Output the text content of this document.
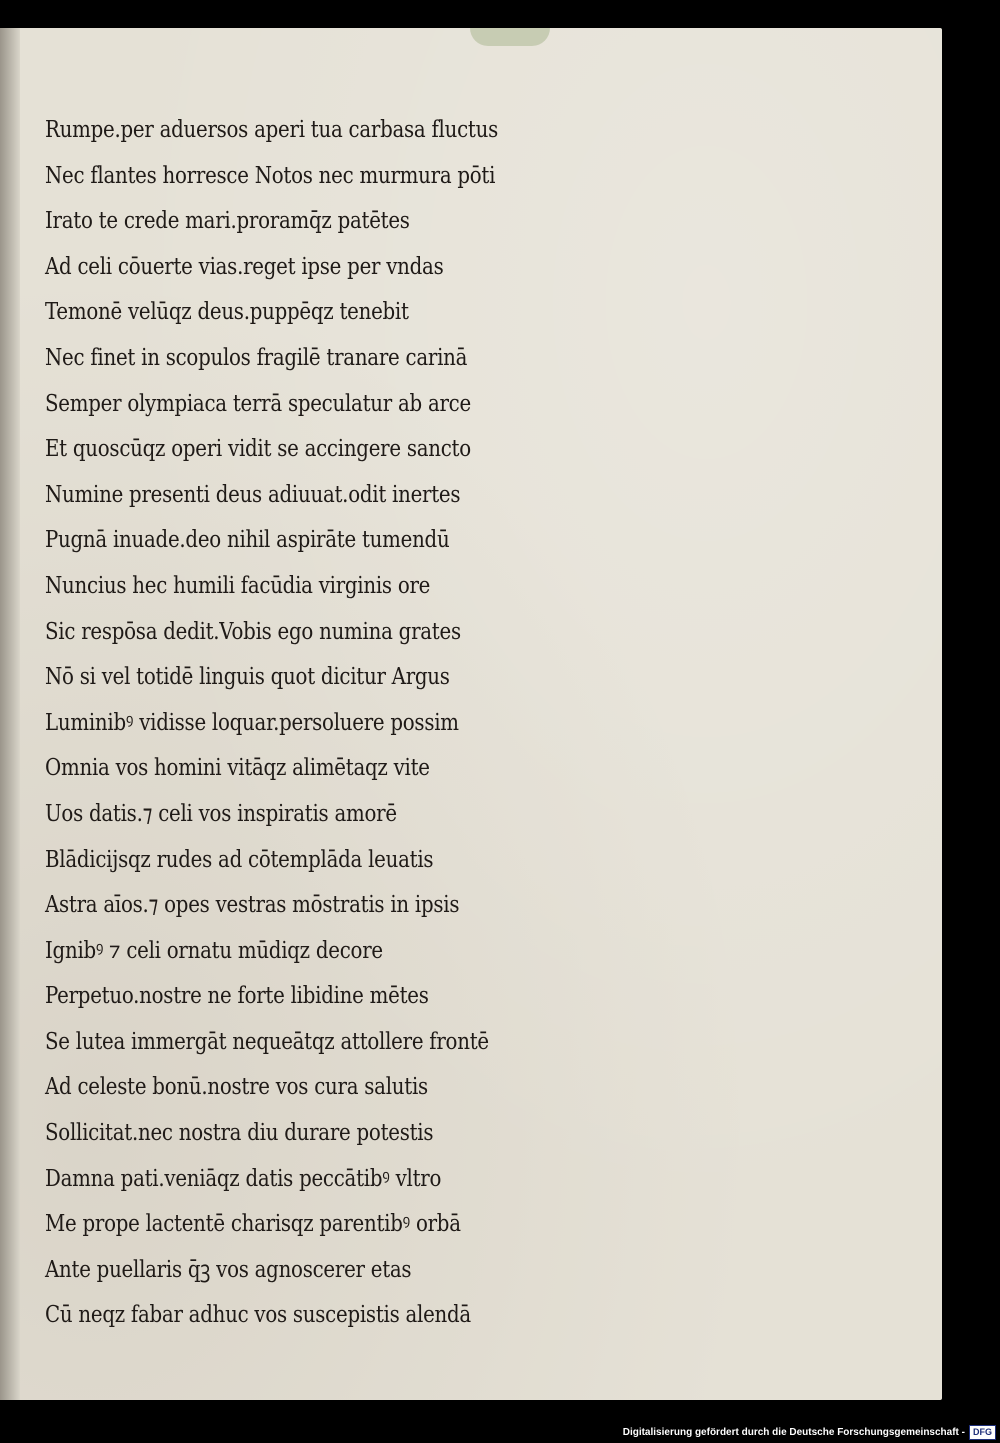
Rumpe.per aduersos aperi tua carbasa fluctus
Nec flantes horresce Notos nec murmura pōti
Irato te crede mari.proramq̄z patētes
Ad celi cōuerte vias.reget ipse per vndas
Temonē velūqz deus.puppēqz tenebit
Nec finet in scopulos fragilē tranare carinā
Semper olympiaca terrā speculatur ab arce
Et quoscūqz operi vidit se accingere sancto
Numine presenti deus adiuuat.odit inertes
Pugnā inuade.deo nihil aspirāte tumendū
Nuncius hec humili facūdia virginis ore
Sic respōsa dedit.Vobis ego numina grates
Nō si vel totidē linguis quot dicitur Argus
Luminibꝰ vidisse loquar.persoluere possim
Omnia vos homini vitāqz alimētaqz vite
Uos datis.⁊ celi vos inspiratis amorē
Blādicijsqz rudes ad cōtemplāda leuatis
Astra aīos.⁊ opes vestras mōstratis in ipsis
Ignibꝰ ⁊ celi ornatu mūdiqz decore
Perpetuo.nostre ne forte libidine mētes
Se lutea immergāt nequeātqz attollere frontē
Ad celeste bonū.nostre vos cura salutis
Sollicitat.nec nostra diu durare potestis
Damna pati.veniāqz datis peccātibꝰ vltro
Me prope lactentē charisqz parentibꝰ orbā
Ante puellaris q̄ꝫ vos agnoscerer etas
Cū neqz fabar adhuc vos suscepistis alendā
Digitalisierung gefördert durch die Deutsche Forschungsgemeinschaft - DFG
